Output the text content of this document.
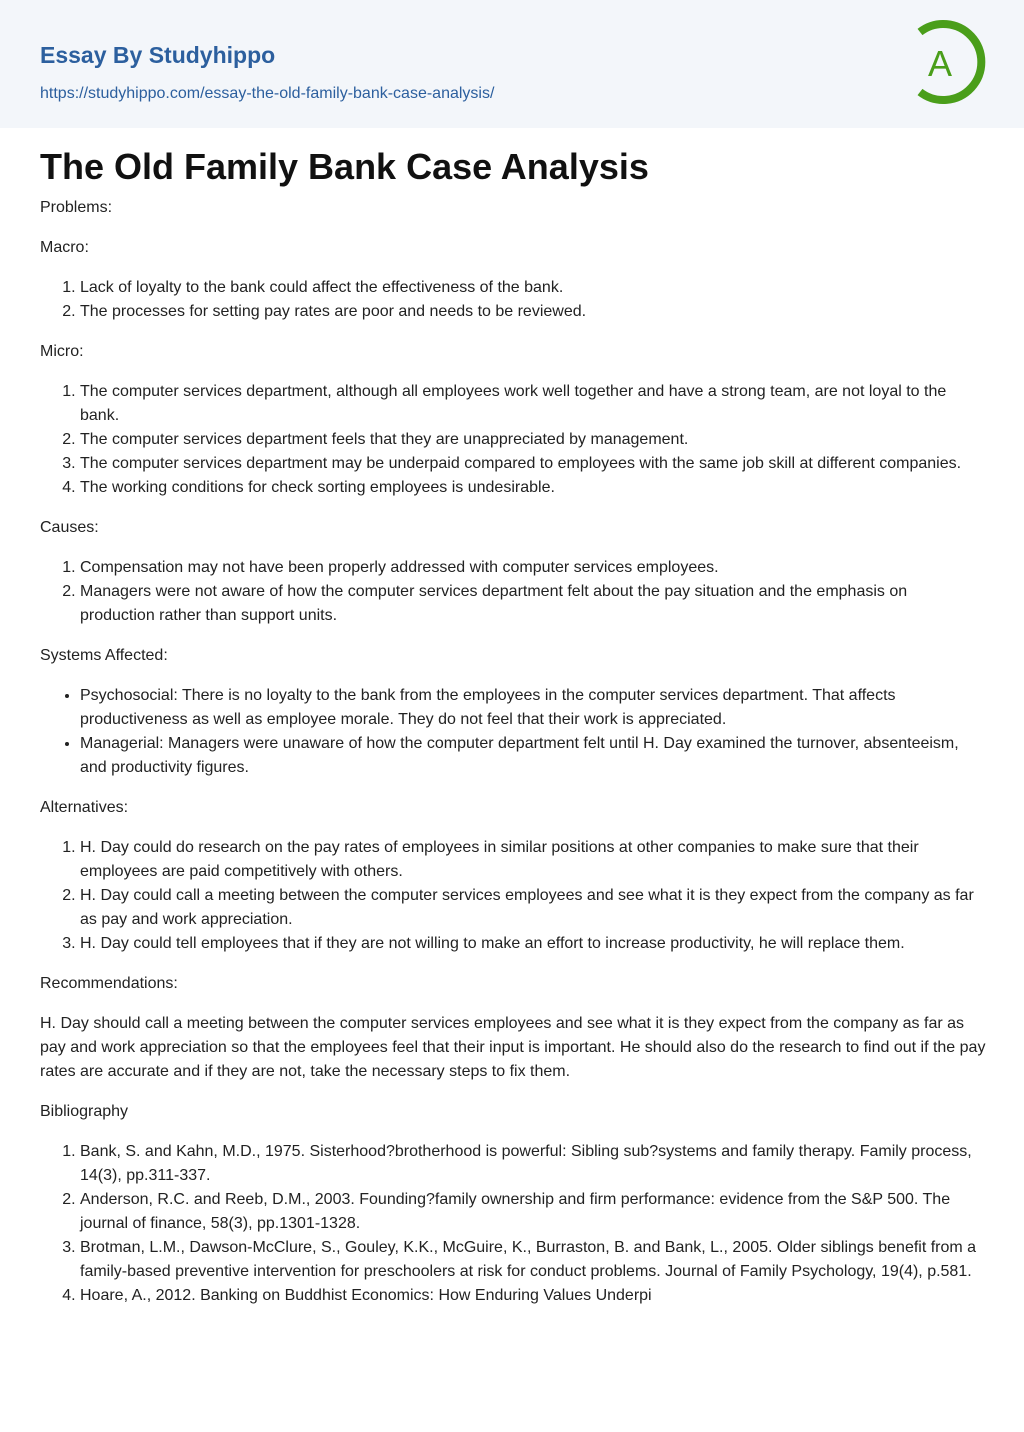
Essay By Studyhippo
https://studyhippo.com/essay-the-old-family-bank-case-analysis/
A
The Old Family Bank Case Analysis

Problems:

Macro:

1. Lack of loyalty to the bank could affect the effectiveness of the bank.
2. The processes for setting pay rates are poor and needs to be reviewed.

Micro:

1. The computer services department, although all employees work well together and have a strong team, are not loyal to the bank.
2. The computer services department feels that they are unappreciated by management.
3. The computer services department may be underpaid compared to employees with the same job skill at different companies.
4. The working conditions for check sorting employees is undesirable.

Causes:

1. Compensation may not have been properly addressed with computer services employees.
2. Managers were not aware of how the computer services department felt about the pay situation and the emphasis on production rather than support units.

Systems Affected:

• Psychosocial: There is no loyalty to the bank from the employees in the computer services department. That affects productiveness as well as employee morale. They do not feel that their work is appreciated.
• Managerial: Managers were unaware of how the computer department felt until H. Day examined the turnover, absenteeism, and productivity figures.

Alternatives:

1. H. Day could do research on the pay rates of employees in similar positions at other companies to make sure that their employees are paid competitively with others.
2. H. Day could call a meeting between the computer services employees and see what it is they expect from the company as far as pay and work appreciation.
3. H. Day could tell employees that if they are not willing to make an effort to increase productivity, he will replace them.

Recommendations:

H. Day should call a meeting between the computer services employees and see what it is they expect from the company as far as pay and work appreciation so that the employees feel that their input is important. He should also do the research to find out if the pay rates are accurate and if they are not, take the necessary steps to fix them.

Bibliography

1. Bank, S. and Kahn, M.D., 1975. Sisterhood?brotherhood is powerful: Sibling sub?systems and family therapy. Family process, 14(3), pp.311-337.
2. Anderson, R.C. and Reeb, D.M., 2003. Founding?family ownership and firm performance: evidence from the S&P 500. The journal of finance, 58(3), pp.1301-1328.
3. Brotman, L.M., Dawson-McClure, S., Gouley, K.K., McGuire, K., Burraston, B. and Bank, L., 2005. Older siblings benefit from a family-based preventive intervention for preschoolers at risk for conduct problems. Journal of Family Psychology, 19(4), p.581.
4. Hoare, A., 2012. Banking on Buddhist Economics: How Enduring Values Underpi
